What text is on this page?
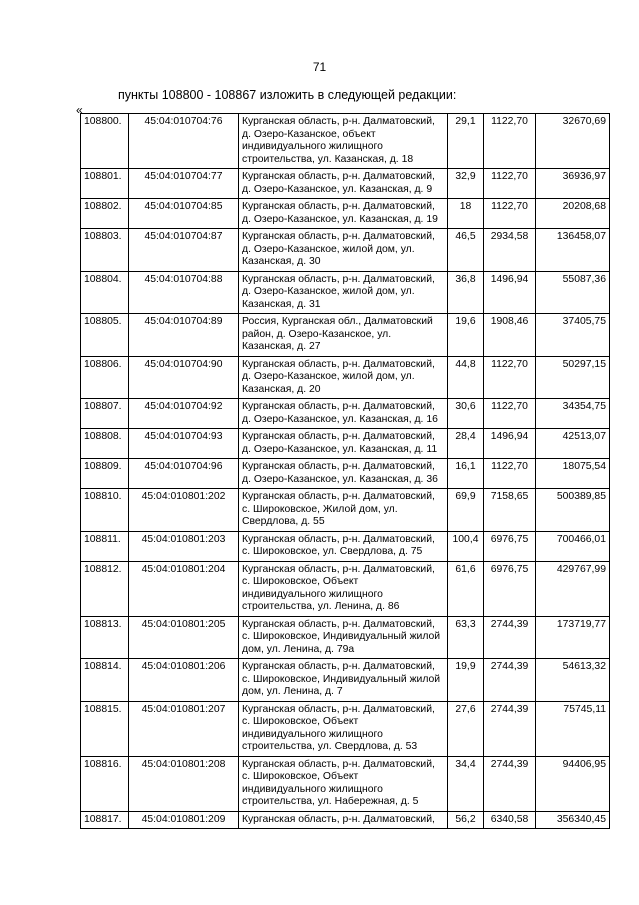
71
пункты 108800 - 108867 изложить в следующей редакции:
«
108800.	45:04:010704:76	Курганская область, р-н. Далматовский, д. Озеро-Казанское, объект индивидуального жилищного строительства, ул. Казанская, д. 18	29,1	1122,70	32670,69
108801.	45:04:010704:77	Курганская область, р-н. Далматовский, д. Озеро-Казанское, ул. Казанская, д. 9	32,9	1122,70	36936,97
108802.	45:04:010704:85	Курганская область, р-н. Далматовский, д. Озеро-Казанское, ул. Казанская, д. 19	18	1122,70	20208,68
108803.	45:04:010704:87	Курганская область, р-н. Далматовский, д. Озеро-Казанское, жилой дом, ул. Казанская, д. 30	46,5	2934,58	136458,07
108804.	45:04:010704:88	Курганская область, р-н. Далматовский, д. Озеро-Казанское, жилой дом, ул. Казанская, д. 31	36,8	1496,94	55087,36
108805.	45:04:010704:89	Россия, Курганская обл., Далматовский район, д. Озеро-Казанское, ул. Казанская, д. 27	19,6	1908,46	37405,75
108806.	45:04:010704:90	Курганская область, р-н. Далматовский, д. Озеро-Казанское, жилой дом, ул. Казанская, д. 20	44,8	1122,70	50297,15
108807.	45:04:010704:92	Курганская область, р-н. Далматовский, д. Озеро-Казанское, ул. Казанская, д. 16	30,6	1122,70	34354,75
108808.	45:04:010704:93	Курганская область, р-н. Далматовский, д. Озеро-Казанское, ул. Казанская, д. 11	28,4	1496,94	42513,07
108809.	45:04:010704:96	Курганская область, р-н. Далматовский, д. Озеро-Казанское, ул. Казанская, д. 36	16,1	1122,70	18075,54
108810.	45:04:010801:202	Курганская область, р-н. Далматовский, с. Широковское, Жилой дом, ул. Свердлова, д. 55	69,9	7158,65	500389,85
108811.	45:04:010801:203	Курганская область, р-н. Далматовский, с. Широковское, ул. Свердлова, д. 75	100,4	6976,75	700466,01
108812.	45:04:010801:204	Курганская область, р-н. Далматовский, с. Широковское, Объект индивидуального жилищного строительства, ул. Ленина, д. 86	61,6	6976,75	429767,99
108813.	45:04:010801:205	Курганская область, р-н. Далматовский, с. Широковское, Индивидуальный жилой дом, ул. Ленина, д. 79а	63,3	2744,39	173719,77
108814.	45:04:010801:206	Курганская область, р-н. Далматовский, с. Широковское, Индивидуальный жилой дом, ул. Ленина, д. 7	19,9	2744,39	54613,32
108815.	45:04:010801:207	Курганская область, р-н. Далматовский, с. Широковское, Объект индивидуального жилищного строительства, ул. Свердлова, д. 53	27,6	2744,39	75745,11
108816.	45:04:010801:208	Курганская область, р-н. Далматовский, с. Широковское, Объект индивидуального жилищного строительства, ул. Набережная, д. 5	34,4	2744,39	94406,95
108817.	45:04:010801:209	Курганская область, р-н. Далматовский,	56,2	6340,58	356340,45
